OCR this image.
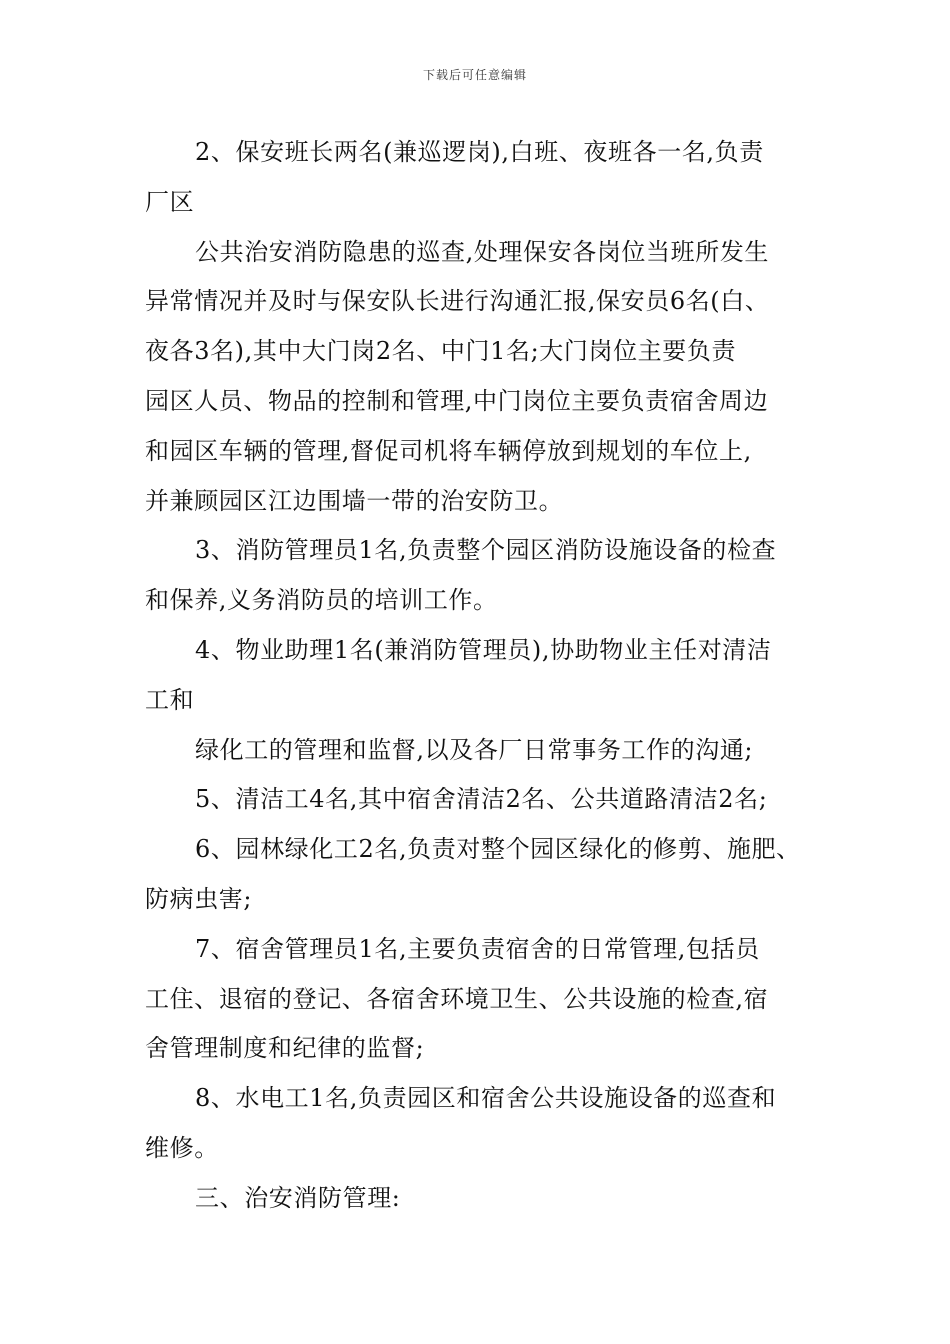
下载后可任意编辑
2、保安班长两名(兼巡逻岗),白班、夜班各一名,负责
厂区
公共治安消防隐患的巡查,处理保安各岗位当班所发生
异常情况并及时与保安队长进行沟通汇报,保安员6名(白、
夜各3名),其中大门岗2名、中门1名;大门岗位主要负责
园区人员、物品的控制和管理,中门岗位主要负责宿舍周边
和园区车辆的管理,督促司机将车辆停放到规划的车位上,
并兼顾园区江边围墙一带的治安防卫。
3、消防管理员1名,负责整个园区消防设施设备的检查
和保养,义务消防员的培训工作。
4、物业助理1名(兼消防管理员),协助物业主任对清洁
工和
绿化工的管理和监督,以及各厂日常事务工作的沟通;
5、清洁工4名,其中宿舍清洁2名、公共道路清洁2名;
6、园林绿化工2名,负责对整个园区绿化的修剪、施肥、
防病虫害;
7、宿舍管理员1名,主要负责宿舍的日常管理,包括员
工住、退宿的登记、各宿舍环境卫生、公共设施的检查,宿
舍管理制度和纪律的监督;
8、水电工1名,负责园区和宿舍公共设施设备的巡查和
维修。
三、治安消防管理:
